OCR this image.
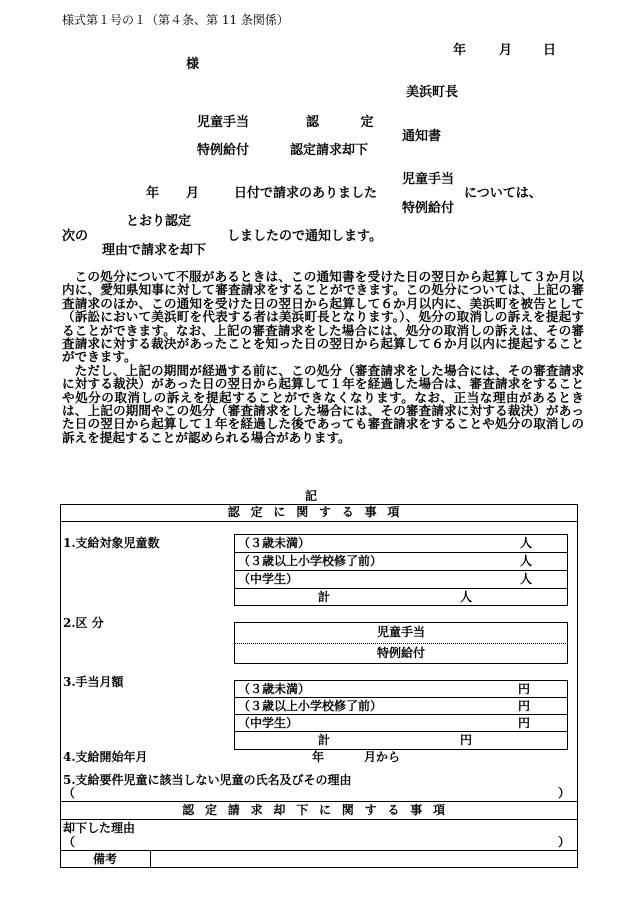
様式第１号の１（第４条、第 11 条関係）
年	月 日
様
美浜町長
児童手当	認　　定
特例給付	認定請求却下
通知書
児童手当
年 月	日付で請求のありました	については、
特例給付
とおり認定
次の	しましたので通知します。
理由で請求を却下

この処分について不服があるときは、この通知書を受けた日の翌日から起算して３か月以内に、愛知県知事に対して審査請求をすることができます。この処分については、上記の審査請求のほか、この通知を受けた日の翌日から起算して６か月以内に、美浜町を被告として（訴訟において美浜町を代表する者は美浜町長となります。）、処分の取消しの訴えを提起することができます。なお、上記の審査請求をした場合には、処分の取消しの訴えは、その審査請求に対する裁決があったことを知った日の翌日から起算して６か月以内に提起することができます。

ただし、上記の期間が経過する前に、この処分（審査請求をした場合には、その審査請求に対する裁決）があった日の翌日から起算して１年を経過した場合は、審査請求をすることや処分の取消しの訴えを提起することができなくなります。なお、正当な理由があるときは、上記の期間やこの処分（審査請求をした場合には、その審査請求に対する裁決）があった日の翌日から起算して１年を経過した後であっても審査請求をすることや処分の取消しの訴えを提起することが認められる場合があります。

記
認定に関する事項
1.支給対象児童数	（３歳未満）	人
（３歳以上小学校修了前）	人
（中学生）	人
計	人
2.区 分
児童手当
特例給付
3.手当月額	（３歳未満）	円
（３歳以上小学校修了前）	円
（中学生）	円
計	円
4.支給開始年月	年	月から
5.支給要件児童に該当しない児童の氏名及びその理由
（	）
認定請求却下に関する事項
却下した理由
（	）
備考
